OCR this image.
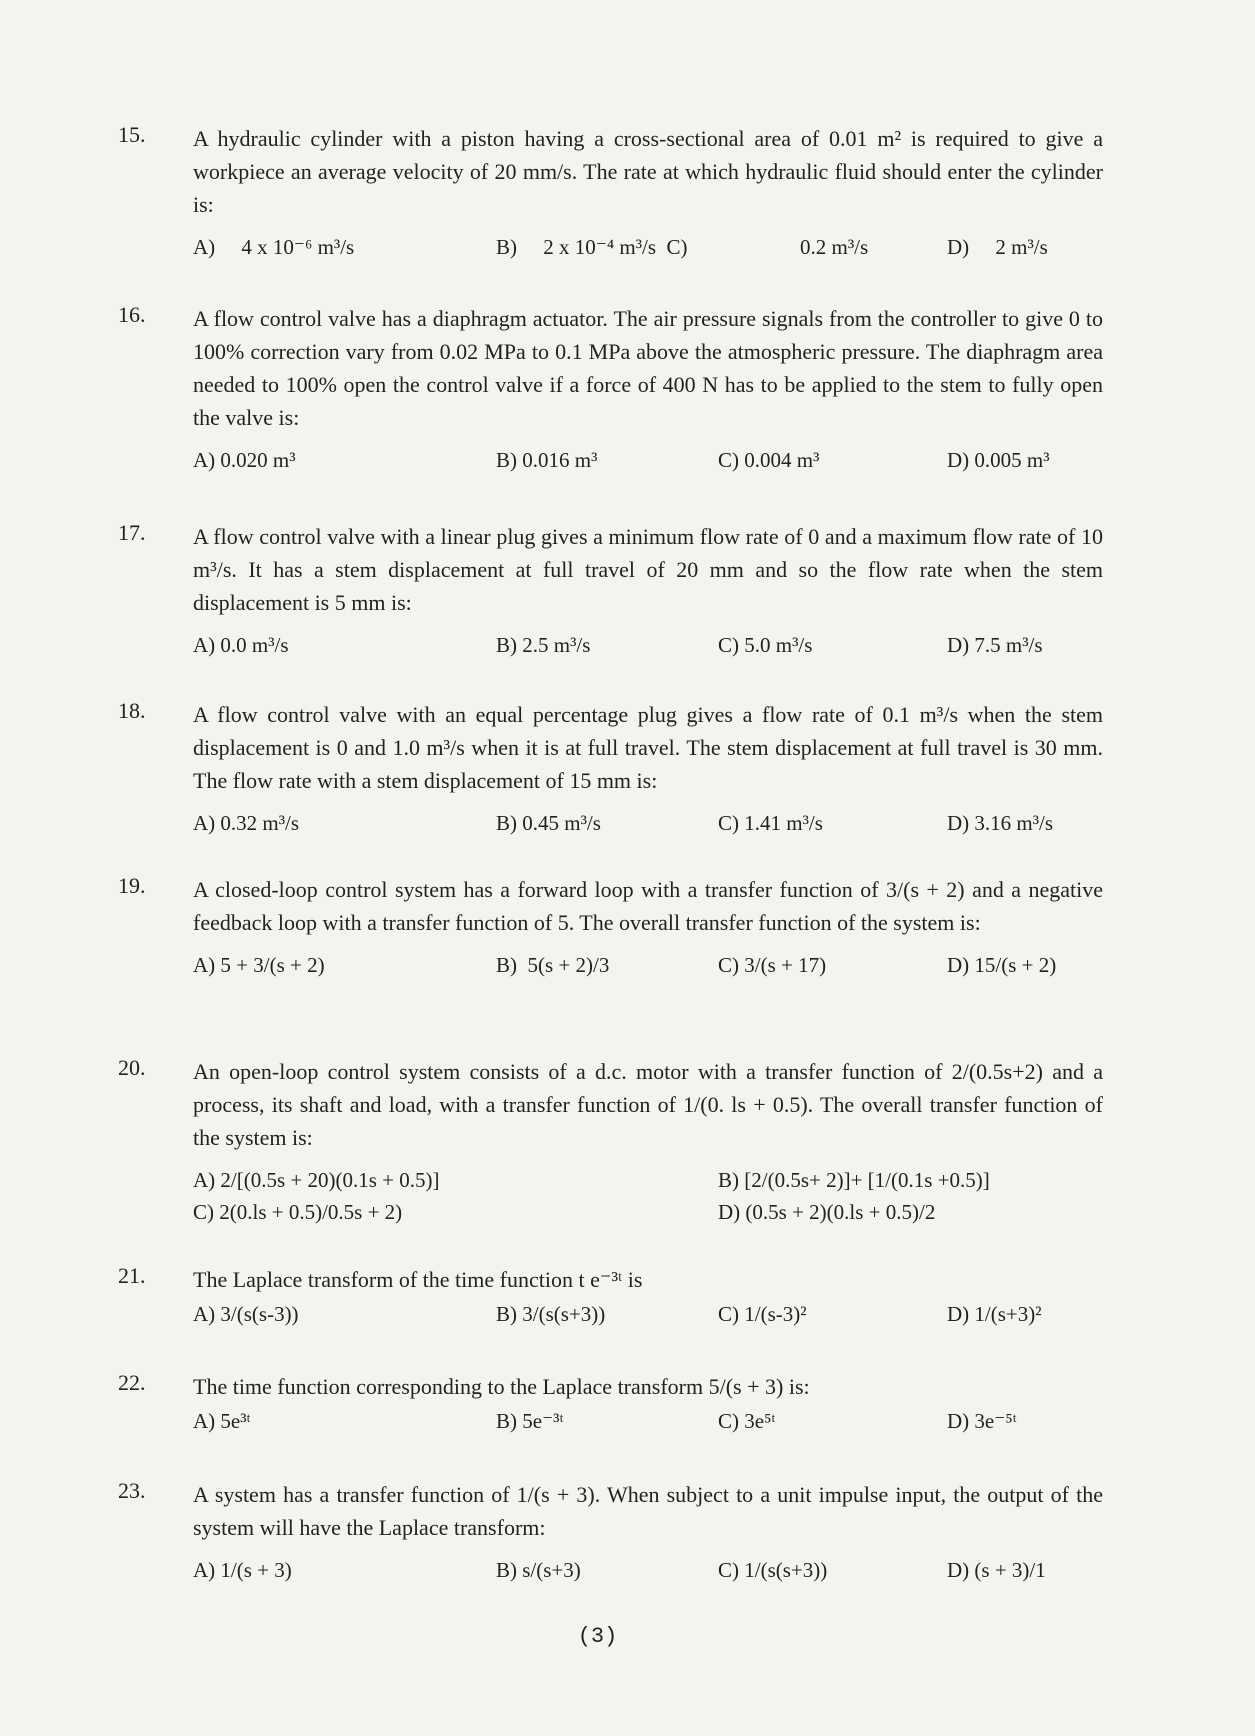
15. A hydraulic cylinder with a piston having a cross-sectional area of 0.01 m² is required to give a workpiece an average velocity of 20 mm/s. The rate at which hydraulic fluid should enter the cylinder is:
A)     4 x 10⁻⁶ m³/s	B)     2 x 10⁻⁴ m³/s  C)	0.2 m³/s	D)     2 m³/s
16. A flow control valve has a diaphragm actuator. The air pressure signals from the controller to give 0 to 100% correction vary from 0.02 MPa to 0.1 MPa above the atmospheric pressure. The diaphragm area needed to 100% open the control valve if a force of 400 N has to be applied to the stem to fully open the valve is:
A) 0.020 m³	B) 0.016 m³	C) 0.004 m³	D) 0.005 m³
17. A flow control valve with a linear plug gives a minimum flow rate of 0 and a maximum flow rate of 10 m³/s. It has a stem displacement at full travel of 20 mm and so the flow rate when the stem displacement is 5 mm is:
A) 0.0 m³/s	B) 2.5 m³/s	C) 5.0 m³/s	D) 7.5 m³/s
18. A flow control valve with an equal percentage plug gives a flow rate of 0.1 m³/s when the stem displacement is 0 and 1.0 m³/s when it is at full travel. The stem displacement at full travel is 30 mm. The flow rate with a stem displacement of 15 mm is:
A) 0.32 m³/s	B) 0.45 m³/s	C) 1.41 m³/s	D) 3.16 m³/s
19. A closed-loop control system has a forward loop with a transfer function of 3/(s + 2) and a negative feedback loop with a transfer function of 5. The overall transfer function of the system is:
A) 5 + 3/(s + 2)	B)  5(s + 2)/3	C) 3/(s + 17)	D) 15/(s + 2)
20. An open-loop control system consists of a d.c. motor with a transfer function of 2/(0.5s+2) and a process, its shaft and load, with a transfer function of 1/(0. ls + 0.5). The overall transfer function of the system is:
A) 2/[(0.5s + 20)(0.1s + 0.5)]	B) [2/(0.5s+ 2)]+ [1/(0.1s +0.5)]
C) 2(0.ls + 0.5)/0.5s + 2)	D) (0.5s + 2)(0.ls + 0.5)/2
21. The Laplace transform of the time function t e⁻³ᵗ is
A) 3/(s(s-3))	B) 3/(s(s+3))	C) 1/(s-3)²	D) 1/(s+3)²
22. The time function corresponding to the Laplace transform 5/(s + 3) is:
A) 5e³ᵗ	B) 5e⁻³ᵗ	C) 3e⁵ᵗ	D) 3e⁻⁵ᵗ
23. A system has a transfer function of 1/(s + 3). When subject to a unit impulse input, the output of the system will have the Laplace transform:
A) 1/(s + 3)	B) s/(s+3)	C) 1/(s(s+3))	D) (s + 3)/1
(3)
